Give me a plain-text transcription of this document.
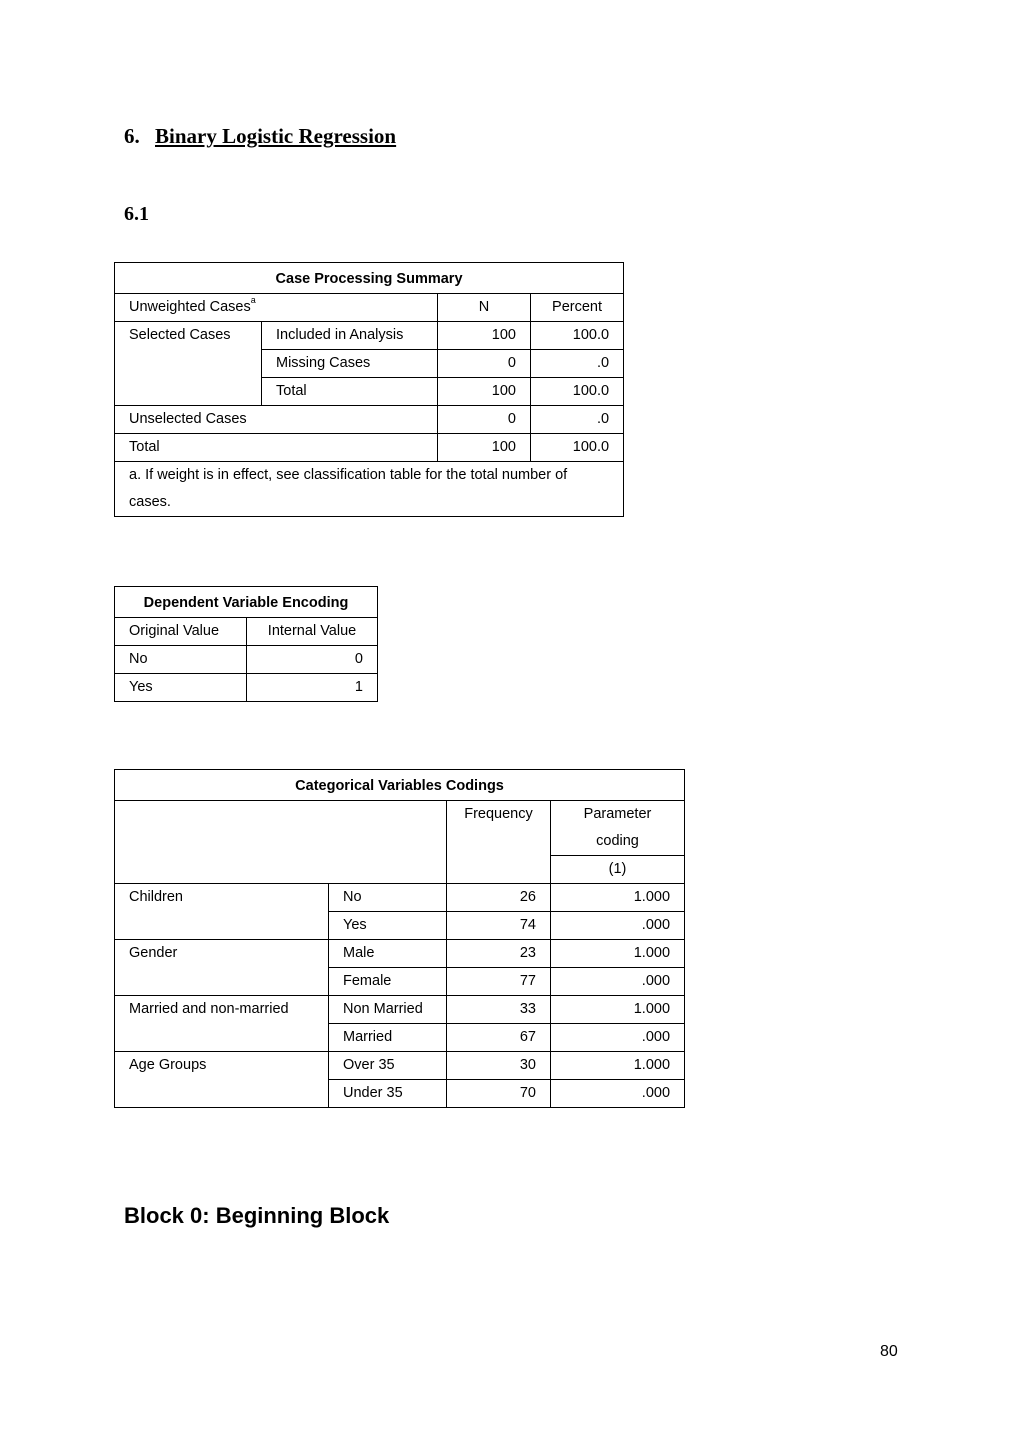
6. Binary Logistic Regression
6.1
Case Processing Summary			
Unweighted Cases$^a$		N	Percent
Selected Cases	Included in Analysis	100	100.0
	Missing Cases	0	.0
	Total	100	100.0
Unselected Cases		0	.0
Total		100	100.0
a. If weight is in effect, see classification table for the total number of cases.			
Dependent Variable Encoding	
Original Value	Internal Value
No	0
Yes	1
Categorical Variables Codings			
		Frequency	Parameter
			coding
			(1)
Children	No	26	1.000
	Yes	74	.000
Gender	Male	23	1.000
	Female	77	.000
Married and non-married	Non Married	33	1.000
	Married	67	.000
Age Groups	Over 35	30	1.000
	Under 35	70	.000
Block 0: Beginning Block
80
